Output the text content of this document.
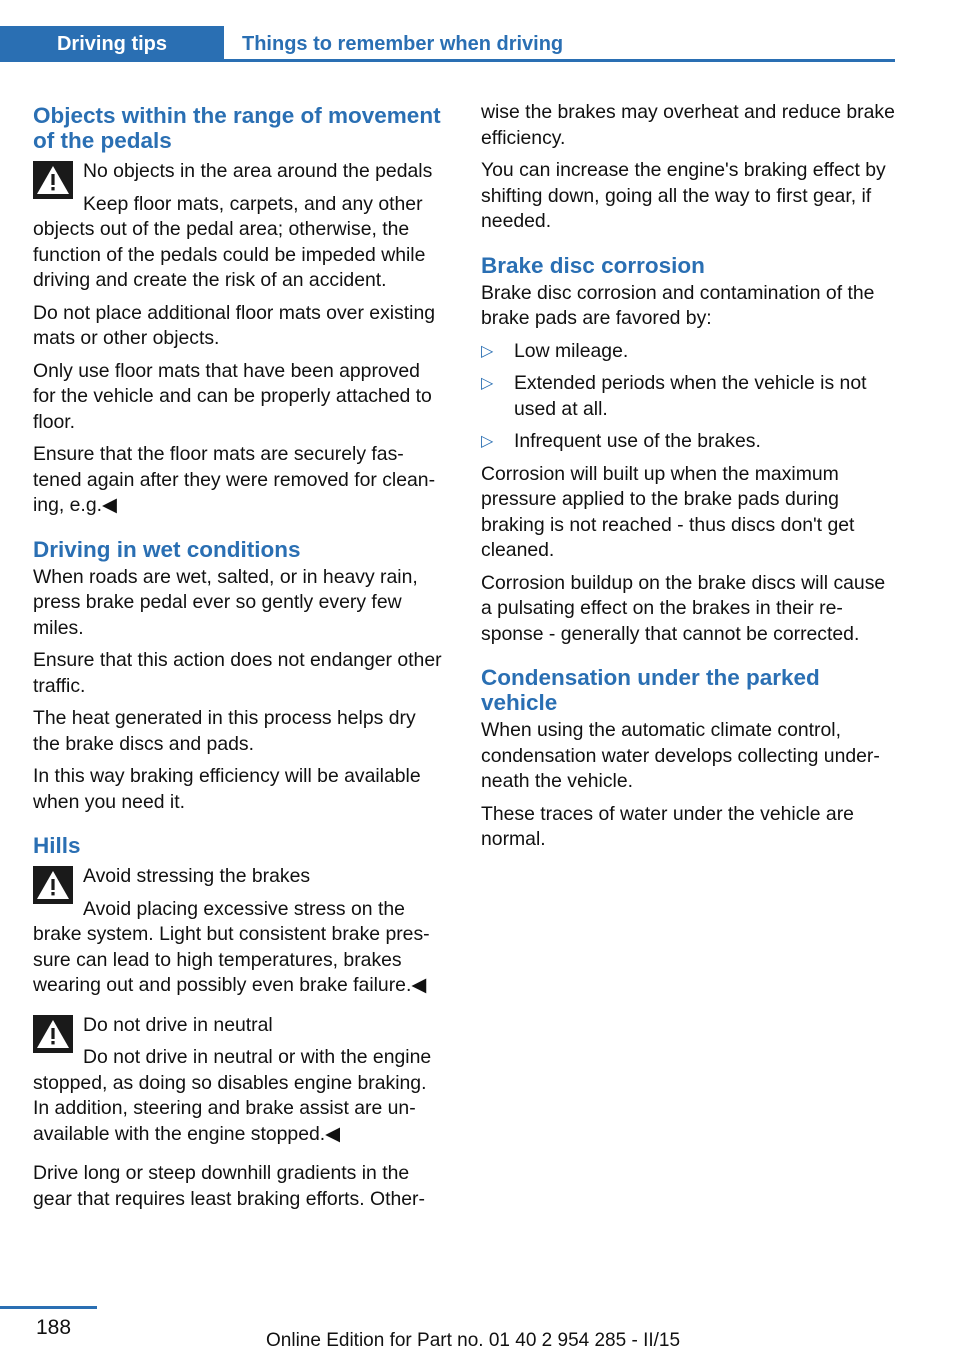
Driving tips	Things to remember when driving
Objects within the range of movement of the pedals

No objects in the area around the pedals

Keep floor mats, carpets, and any other objects out of the pedal area; otherwise, the function of the pedals could be impeded while driving and create the risk of an accident.

Do not place additional floor mats over existing mats or other objects.

Only use floor mats that have been approved for the vehicle and can be properly attached to floor.

Ensure that the floor mats are securely fas‐tened again after they were removed for clean‐ing, e.g.◀

Driving in wet conditions

When roads are wet, salted, or in heavy rain, press brake pedal ever so gently every few miles.

Ensure that this action does not endanger other traffic.

The heat generated in this process helps dry the brake discs and pads.

In this way braking efficiency will be available when you need it.

Hills

Avoid stressing the brakes

Avoid placing excessive stress on the brake system. Light but consistent brake pres‐sure can lead to high temperatures, brakes wearing out and possibly even brake failure.◀

Do not drive in neutral

Do not drive in neutral or with the engine stopped, as doing so disables engine braking. In addition, steering and brake assist are un‐available with the engine stopped.◀

Drive long or steep downhill gradients in the gear that requires least braking efforts. Other‐

wise the brakes may overheat and reduce brake efficiency.

You can increase the engine's braking effect by shifting down, going all the way to first gear, if needed.

Brake disc corrosion

Brake disc corrosion and contamination of the brake pads are favored by:

▷ Low mileage.
▷ Extended periods when the vehicle is not used at all.
▷ Infrequent use of the brakes.

Corrosion will built up when the maximum pressure applied to the brake pads during braking is not reached - thus discs don't get cleaned.

Corrosion buildup on the brake discs will cause a pulsating effect on the brakes in their re‐sponse - generally that cannot be corrected.

Condensation under the parked vehicle

When using the automatic climate control, condensation water develops collecting under‐neath the vehicle.

These traces of water under the vehicle are normal.

188
Online Edition for Part no. 01 40 2 954 285 - II/15
